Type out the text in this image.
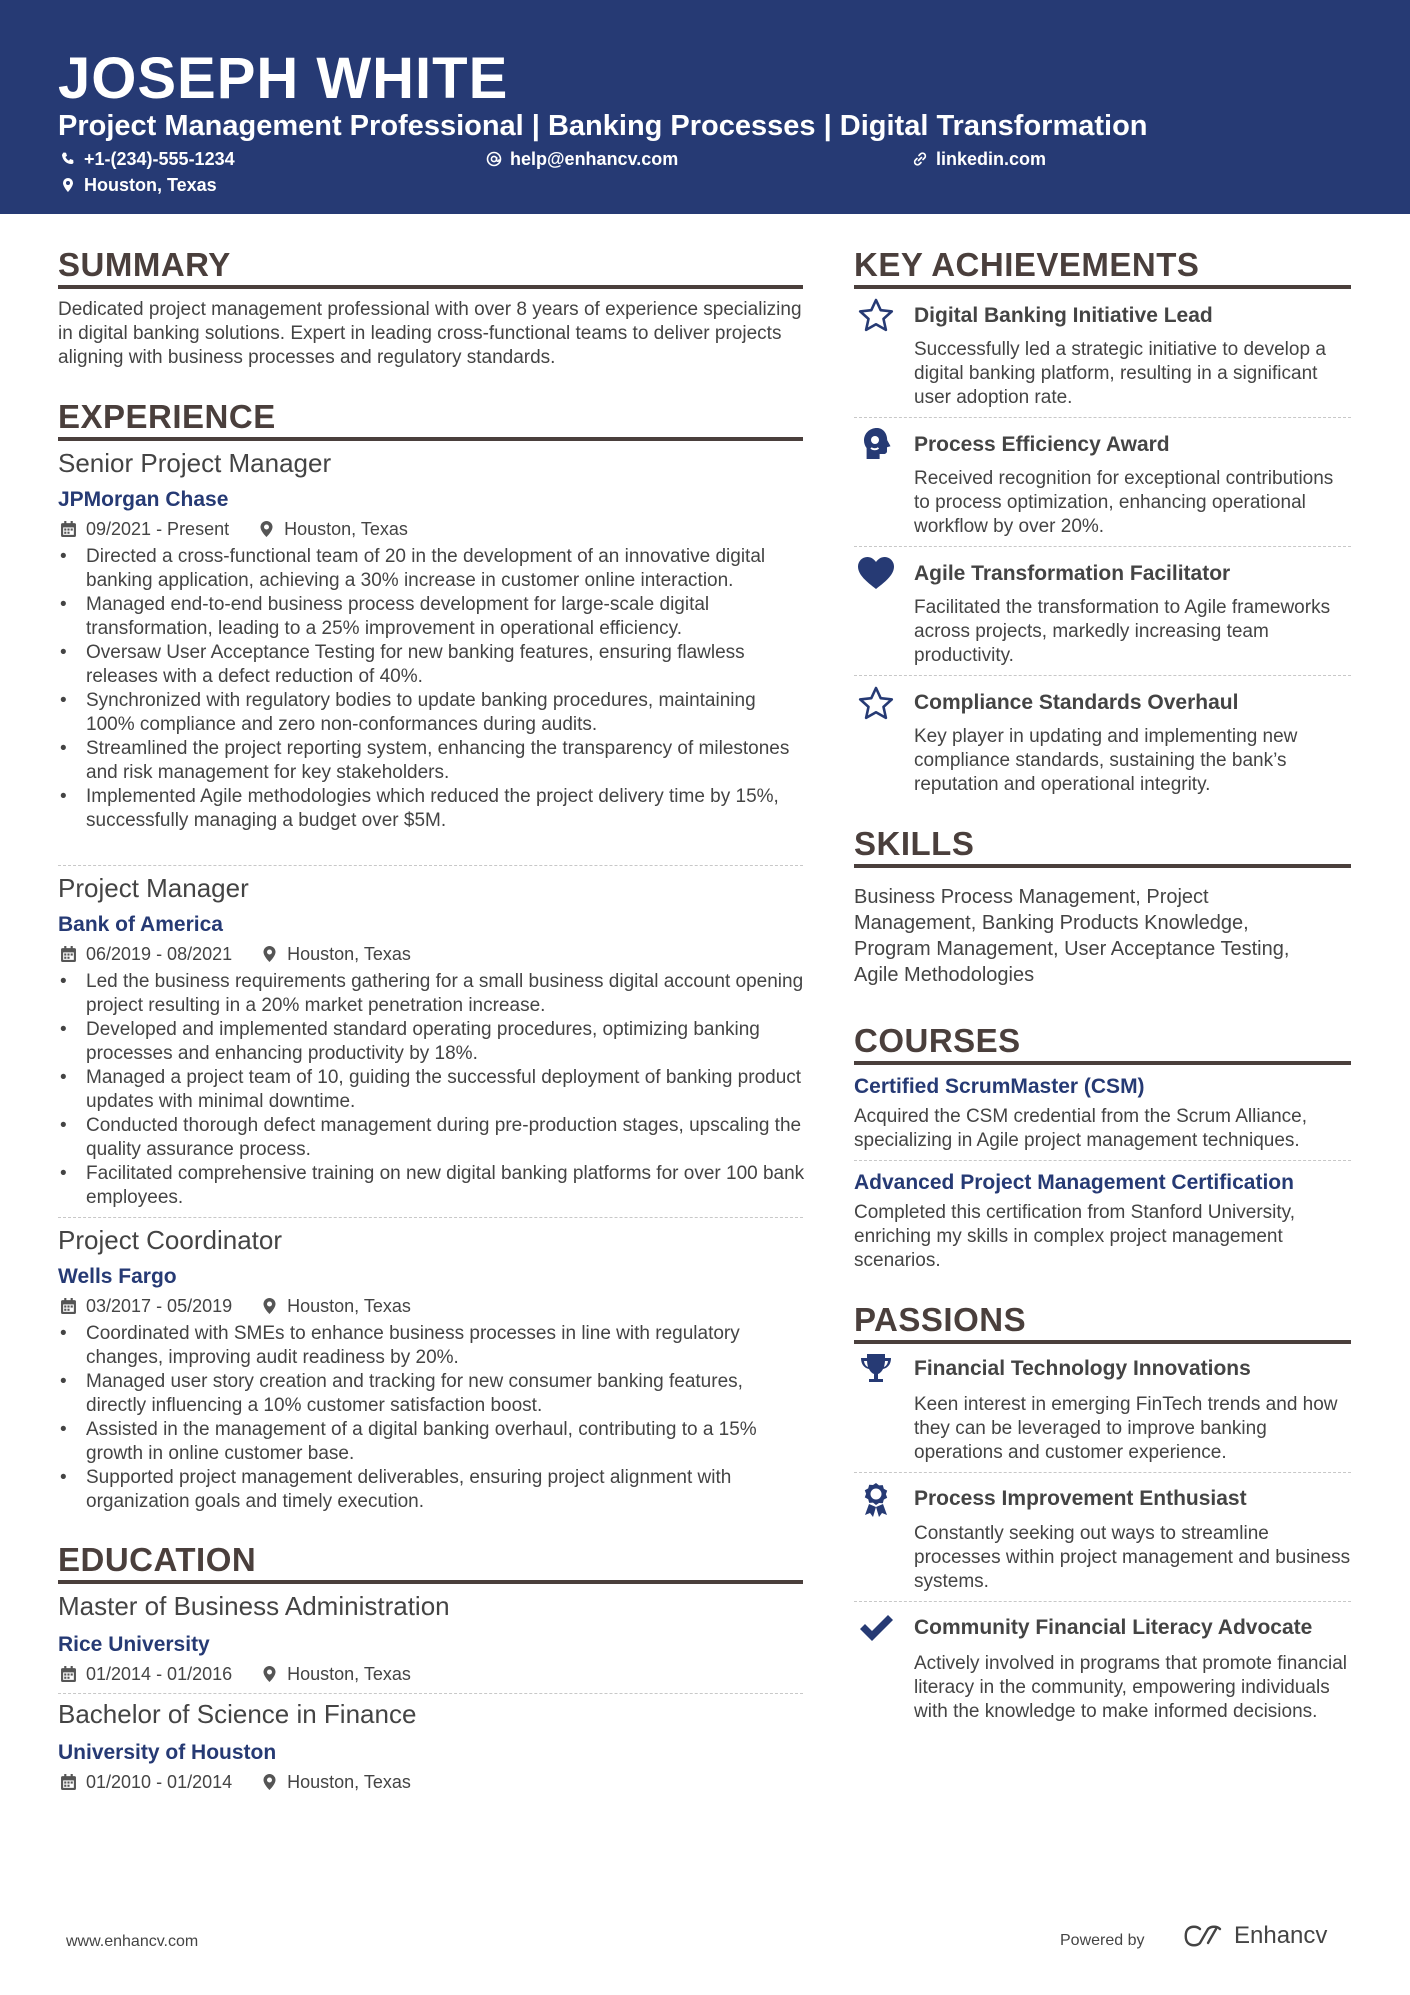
JOSEPH WHITE
Project Management Professional | Banking Processes | Digital Transformation
+1-(234)-555-1234	help@enhancv.com	linkedin.com
Houston, Texas
SUMMARY
Dedicated project management professional with over 8 years of experience specializing in digital banking solutions. Expert in leading cross-functional teams to deliver projects aligning with business processes and regulatory standards.
EXPERIENCE
Senior Project Manager
JPMorgan Chase
09/2021 - Present	Houston, Texas
• Directed a cross-functional team of 20 in the development of an innovative digital banking application, achieving a 30% increase in customer online interaction.
• Managed end-to-end business process development for large-scale digital transformation, leading to a 25% improvement in operational efficiency.
• Oversaw User Acceptance Testing for new banking features, ensuring flawless releases with a defect reduction of 40%.
• Synchronized with regulatory bodies to update banking procedures, maintaining 100% compliance and zero non-conformances during audits.
• Streamlined the project reporting system, enhancing the transparency of milestones and risk management for key stakeholders.
• Implemented Agile methodologies which reduced the project delivery time by 15%, successfully managing a budget over $5M.
Project Manager
Bank of America
06/2019 - 08/2021	Houston, Texas
• Led the business requirements gathering for a small business digital account opening project resulting in a 20% market penetration increase.
• Developed and implemented standard operating procedures, optimizing banking processes and enhancing productivity by 18%.
• Managed a project team of 10, guiding the successful deployment of banking product updates with minimal downtime.
• Conducted thorough defect management during pre-production stages, upscaling the quality assurance process.
• Facilitated comprehensive training on new digital banking platforms for over 100 bank employees.
Project Coordinator
Wells Fargo
03/2017 - 05/2019	Houston, Texas
• Coordinated with SMEs to enhance business processes in line with regulatory changes, improving audit readiness by 20%.
• Managed user story creation and tracking for new consumer banking features, directly influencing a 10% customer satisfaction boost.
• Assisted in the management of a digital banking overhaul, contributing to a 15% growth in online customer base.
• Supported project management deliverables, ensuring project alignment with organization goals and timely execution.
EDUCATION
Master of Business Administration
Rice University
01/2014 - 01/2016	Houston, Texas
Bachelor of Science in Finance
University of Houston
01/2010 - 01/2014	Houston, Texas
KEY ACHIEVEMENTS
Digital Banking Initiative Lead
Successfully led a strategic initiative to develop a digital banking platform, resulting in a significant user adoption rate.
Process Efficiency Award
Received recognition for exceptional contributions to process optimization, enhancing operational workflow by over 20%.
Agile Transformation Facilitator
Facilitated the transformation to Agile frameworks across projects, markedly increasing team productivity.
Compliance Standards Overhaul
Key player in updating and implementing new compliance standards, sustaining the bank’s reputation and operational integrity.
SKILLS
Business Process Management, Project Management, Banking Products Knowledge, Program Management, User Acceptance Testing, Agile Methodologies
COURSES
Certified ScrumMaster (CSM)
Acquired the CSM credential from the Scrum Alliance, specializing in Agile project management techniques.
Advanced Project Management Certification
Completed this certification from Stanford University, enriching my skills in complex project management scenarios.
PASSIONS
Financial Technology Innovations
Keen interest in emerging FinTech trends and how they can be leveraged to improve banking operations and customer experience.
Process Improvement Enthusiast
Constantly seeking out ways to streamline processes within project management and business systems.
Community Financial Literacy Advocate
Actively involved in programs that promote financial literacy in the community, empowering individuals with the knowledge to make informed decisions.
www.enhancv.com	Powered by	Enhancv
